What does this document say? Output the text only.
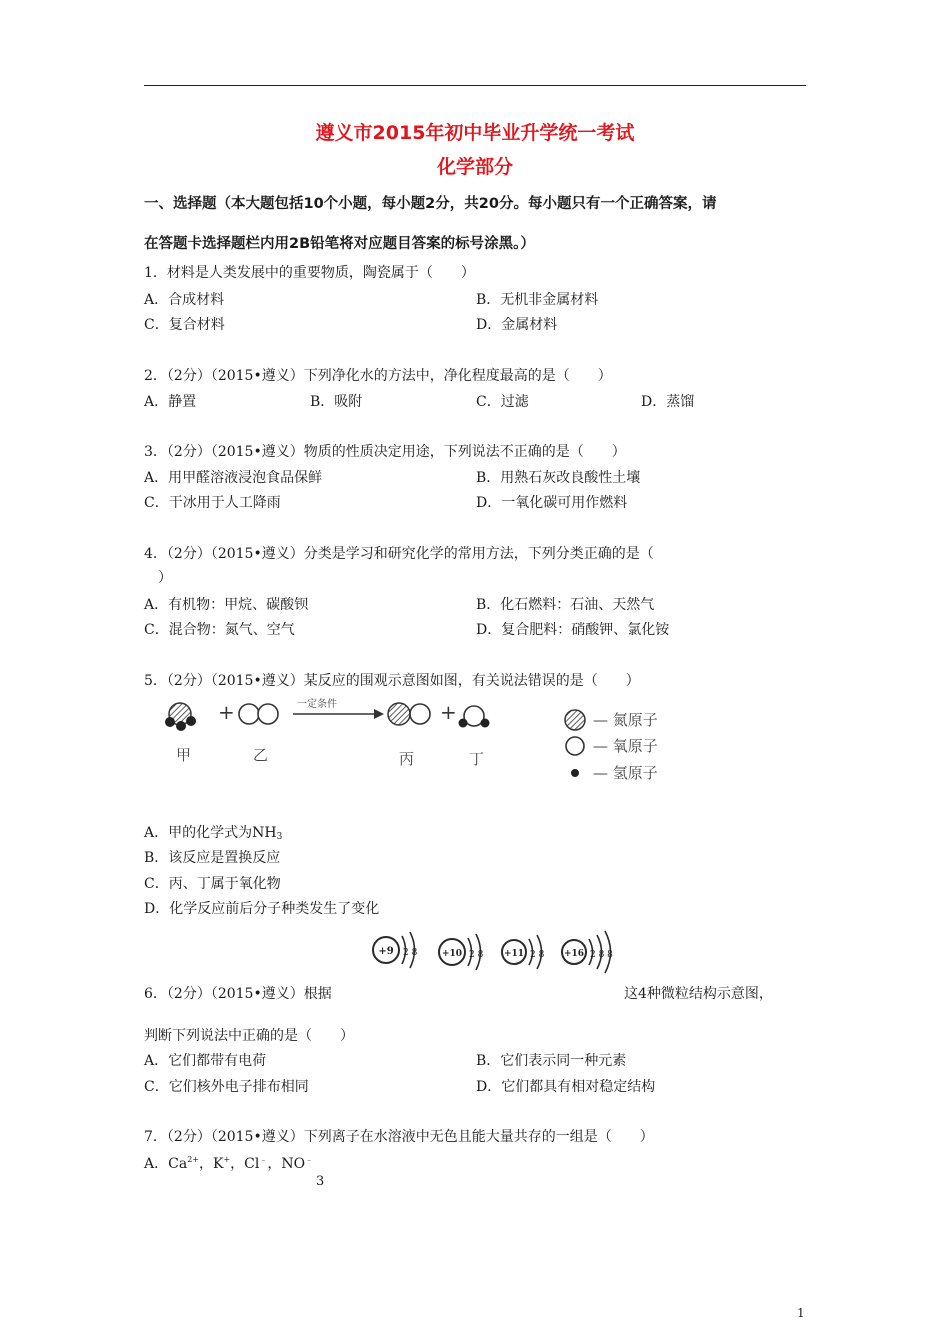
遵义市2015年初中毕业升学统一考试
化学部分
一、选择题（本大题包括10个小题，每小题2分，共20分。每小题只有一个正确答案，请
在答题卡选择题栏内用2B铅笔将对应题目答案的标号涂黑。）
1．材料是人类发展中的重要物质，陶瓷属于（　　）
A．合成材料	B．无机非金属材料
C．复合材料	D．金属材料
2．（2分）（2015•遵义）下列净化水的方法中，净化程度最高的是（　　）
A．静置	B．吸附	C．过滤	D．蒸馏
3．（2分）（2015•遵义）物质的性质决定用途，下列说法不正确的是（　　）
A．用甲醛溶液浸泡食品保鲜	B．用熟石灰改良酸性土壤
C．干冰用于人工降雨	D．一氧化碳可用作燃料
4．（2分）（2015•遵义）分类是学习和研究化学的常用方法，下列分类正确的是（
　）
A．有机物：甲烷、碳酸钡	B．化石燃料：石油、天然气
C．混合物：氮气、空气	D．复合肥料：硝酸钾、氯化铵
5．（2分）（2015•遵义）某反应的围观示意图如图，有关说法错误的是（　　）
+	一定条件	+
甲	乙	丙	丁
— 氮原子
— 氧原子
— 氢原子
A．甲的化学式为$NH_3$
B．该反应是置换反应
C．丙、丁属于氧化物
D．化学反应前后分子种类发生了变化
+9 2 8	+10 2 8 +11 2 8 +16 2 8 8
6．（2分）（2015•遵义）根据	这4种微粒结构示意图，
判断下列说法中正确的是（　　）
A．它们都带有电荷	B．它们表示同一种元素
C．它们核外电子排布相同	D．它们都具有相对稳定结构
7．（2分）（2015•遵义）下列离子在水溶液中无色且能大量共存的一组是（　　）
A．$Ca^{2+}$，K+，Cl﹣，NO﹣
3
1
